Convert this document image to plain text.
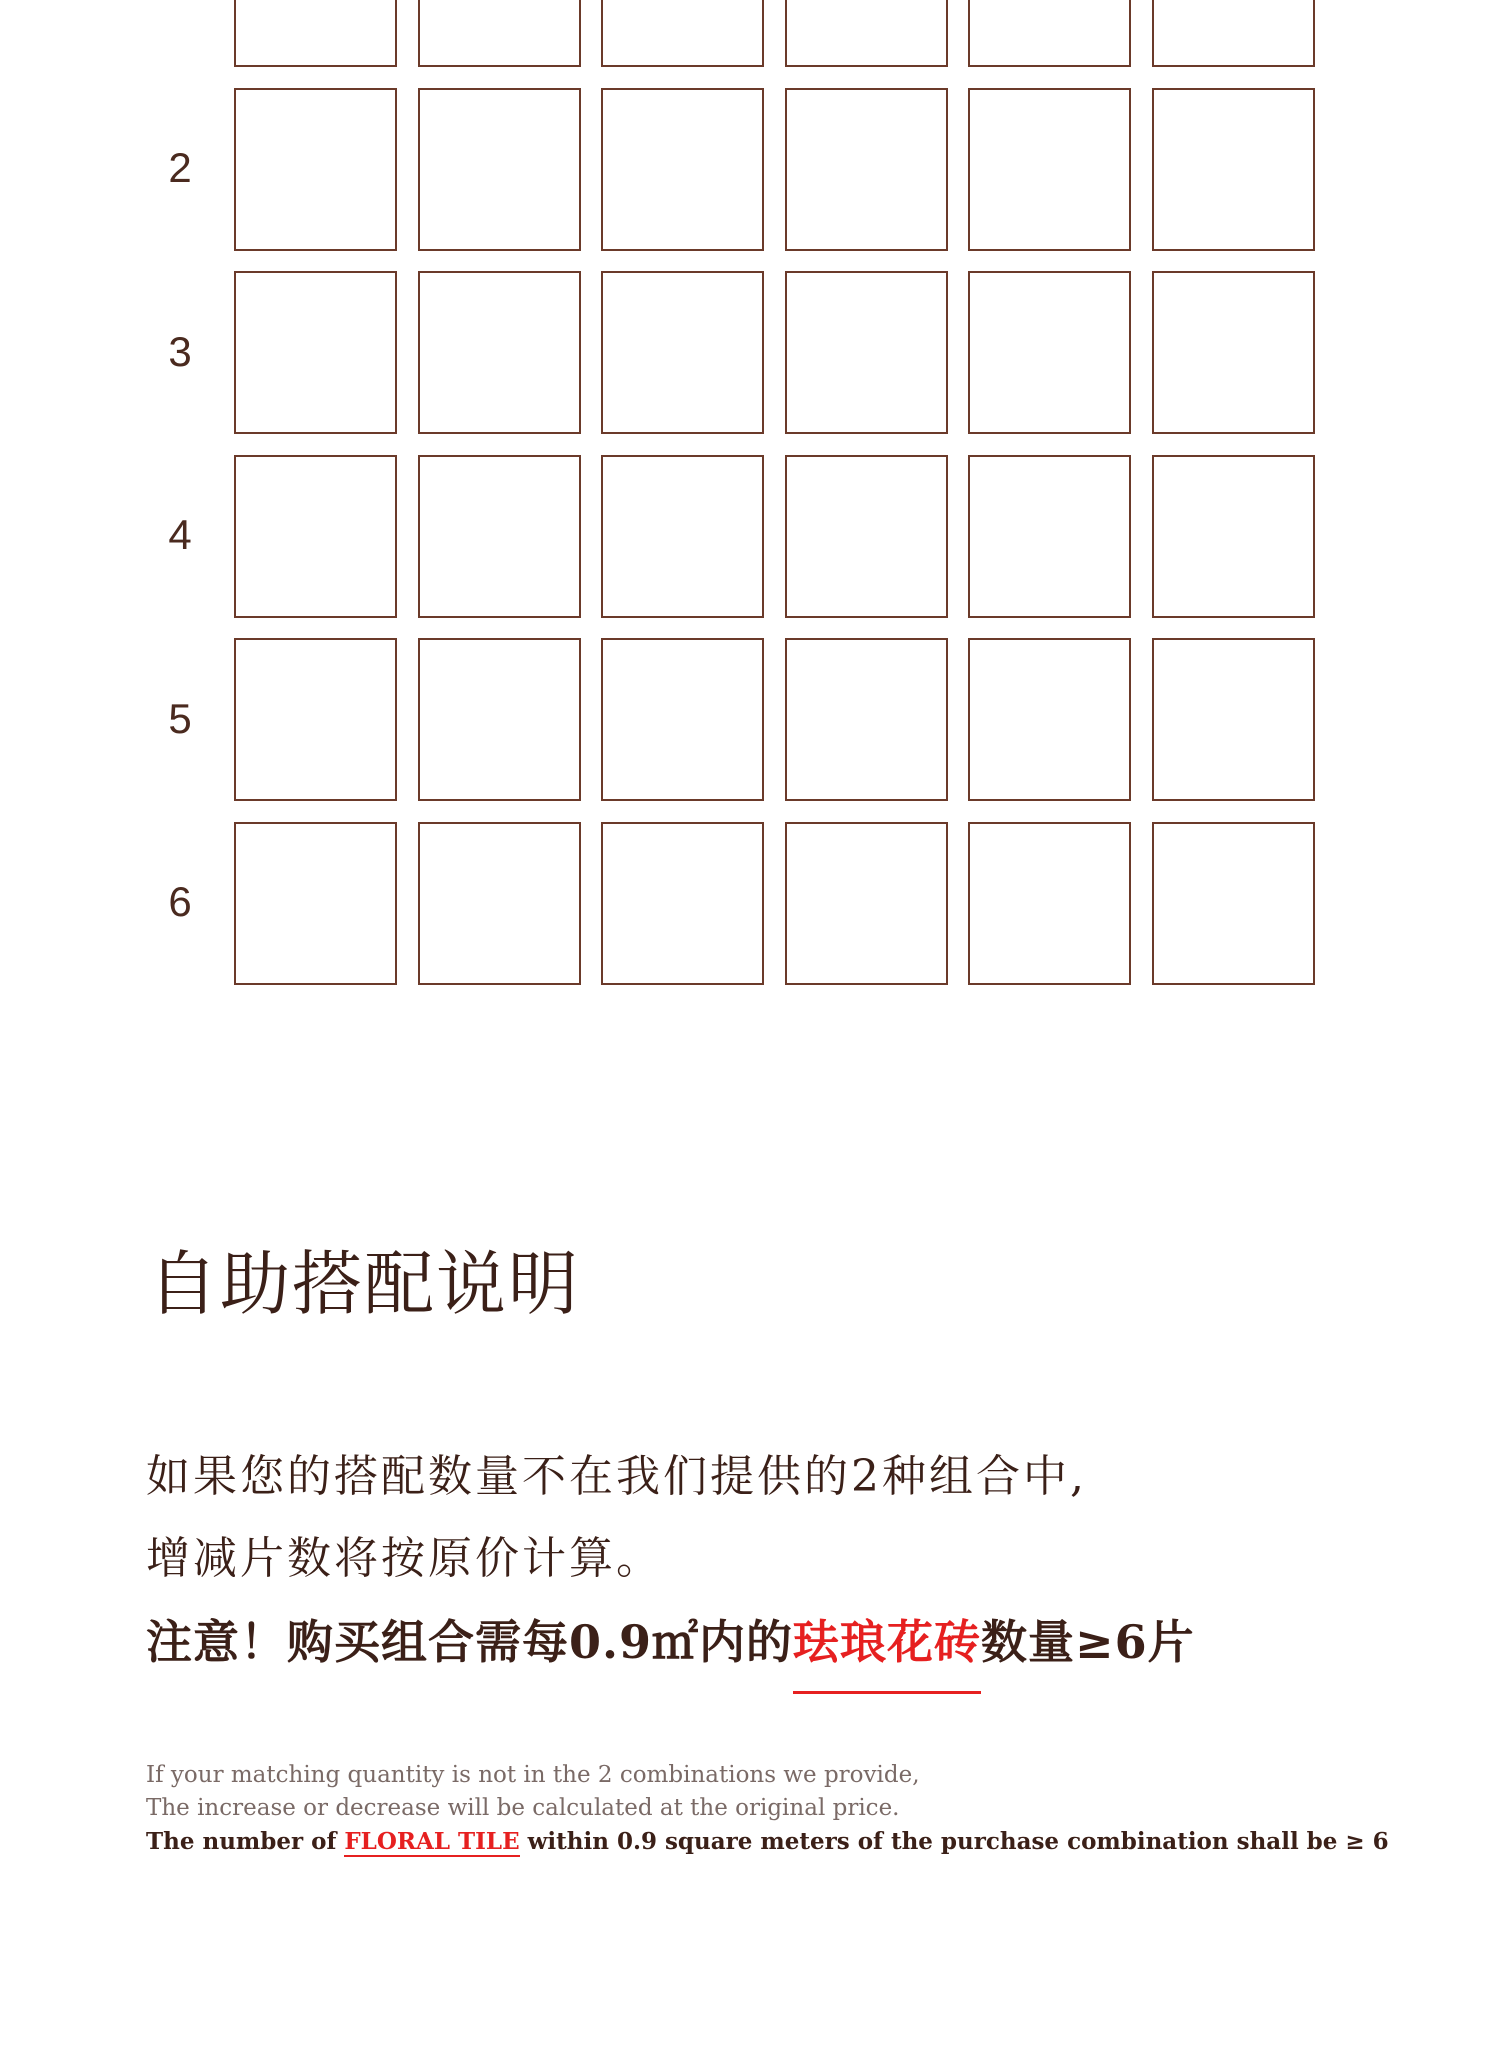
2
3
4
5
6
自助搭配说明
如果您的搭配数量不在我们提供的2种组合中,
增减片数将按原价计算。
注意！购买组合需每0.9㎡内的珐琅花砖数量≥6片
If your matching quantity is not in the 2 combinations we provide,
The increase or decrease will be calculated at the original price.
The number of FLORAL TILE within 0.9 square meters of the purchase combination shall be ≥ 6
